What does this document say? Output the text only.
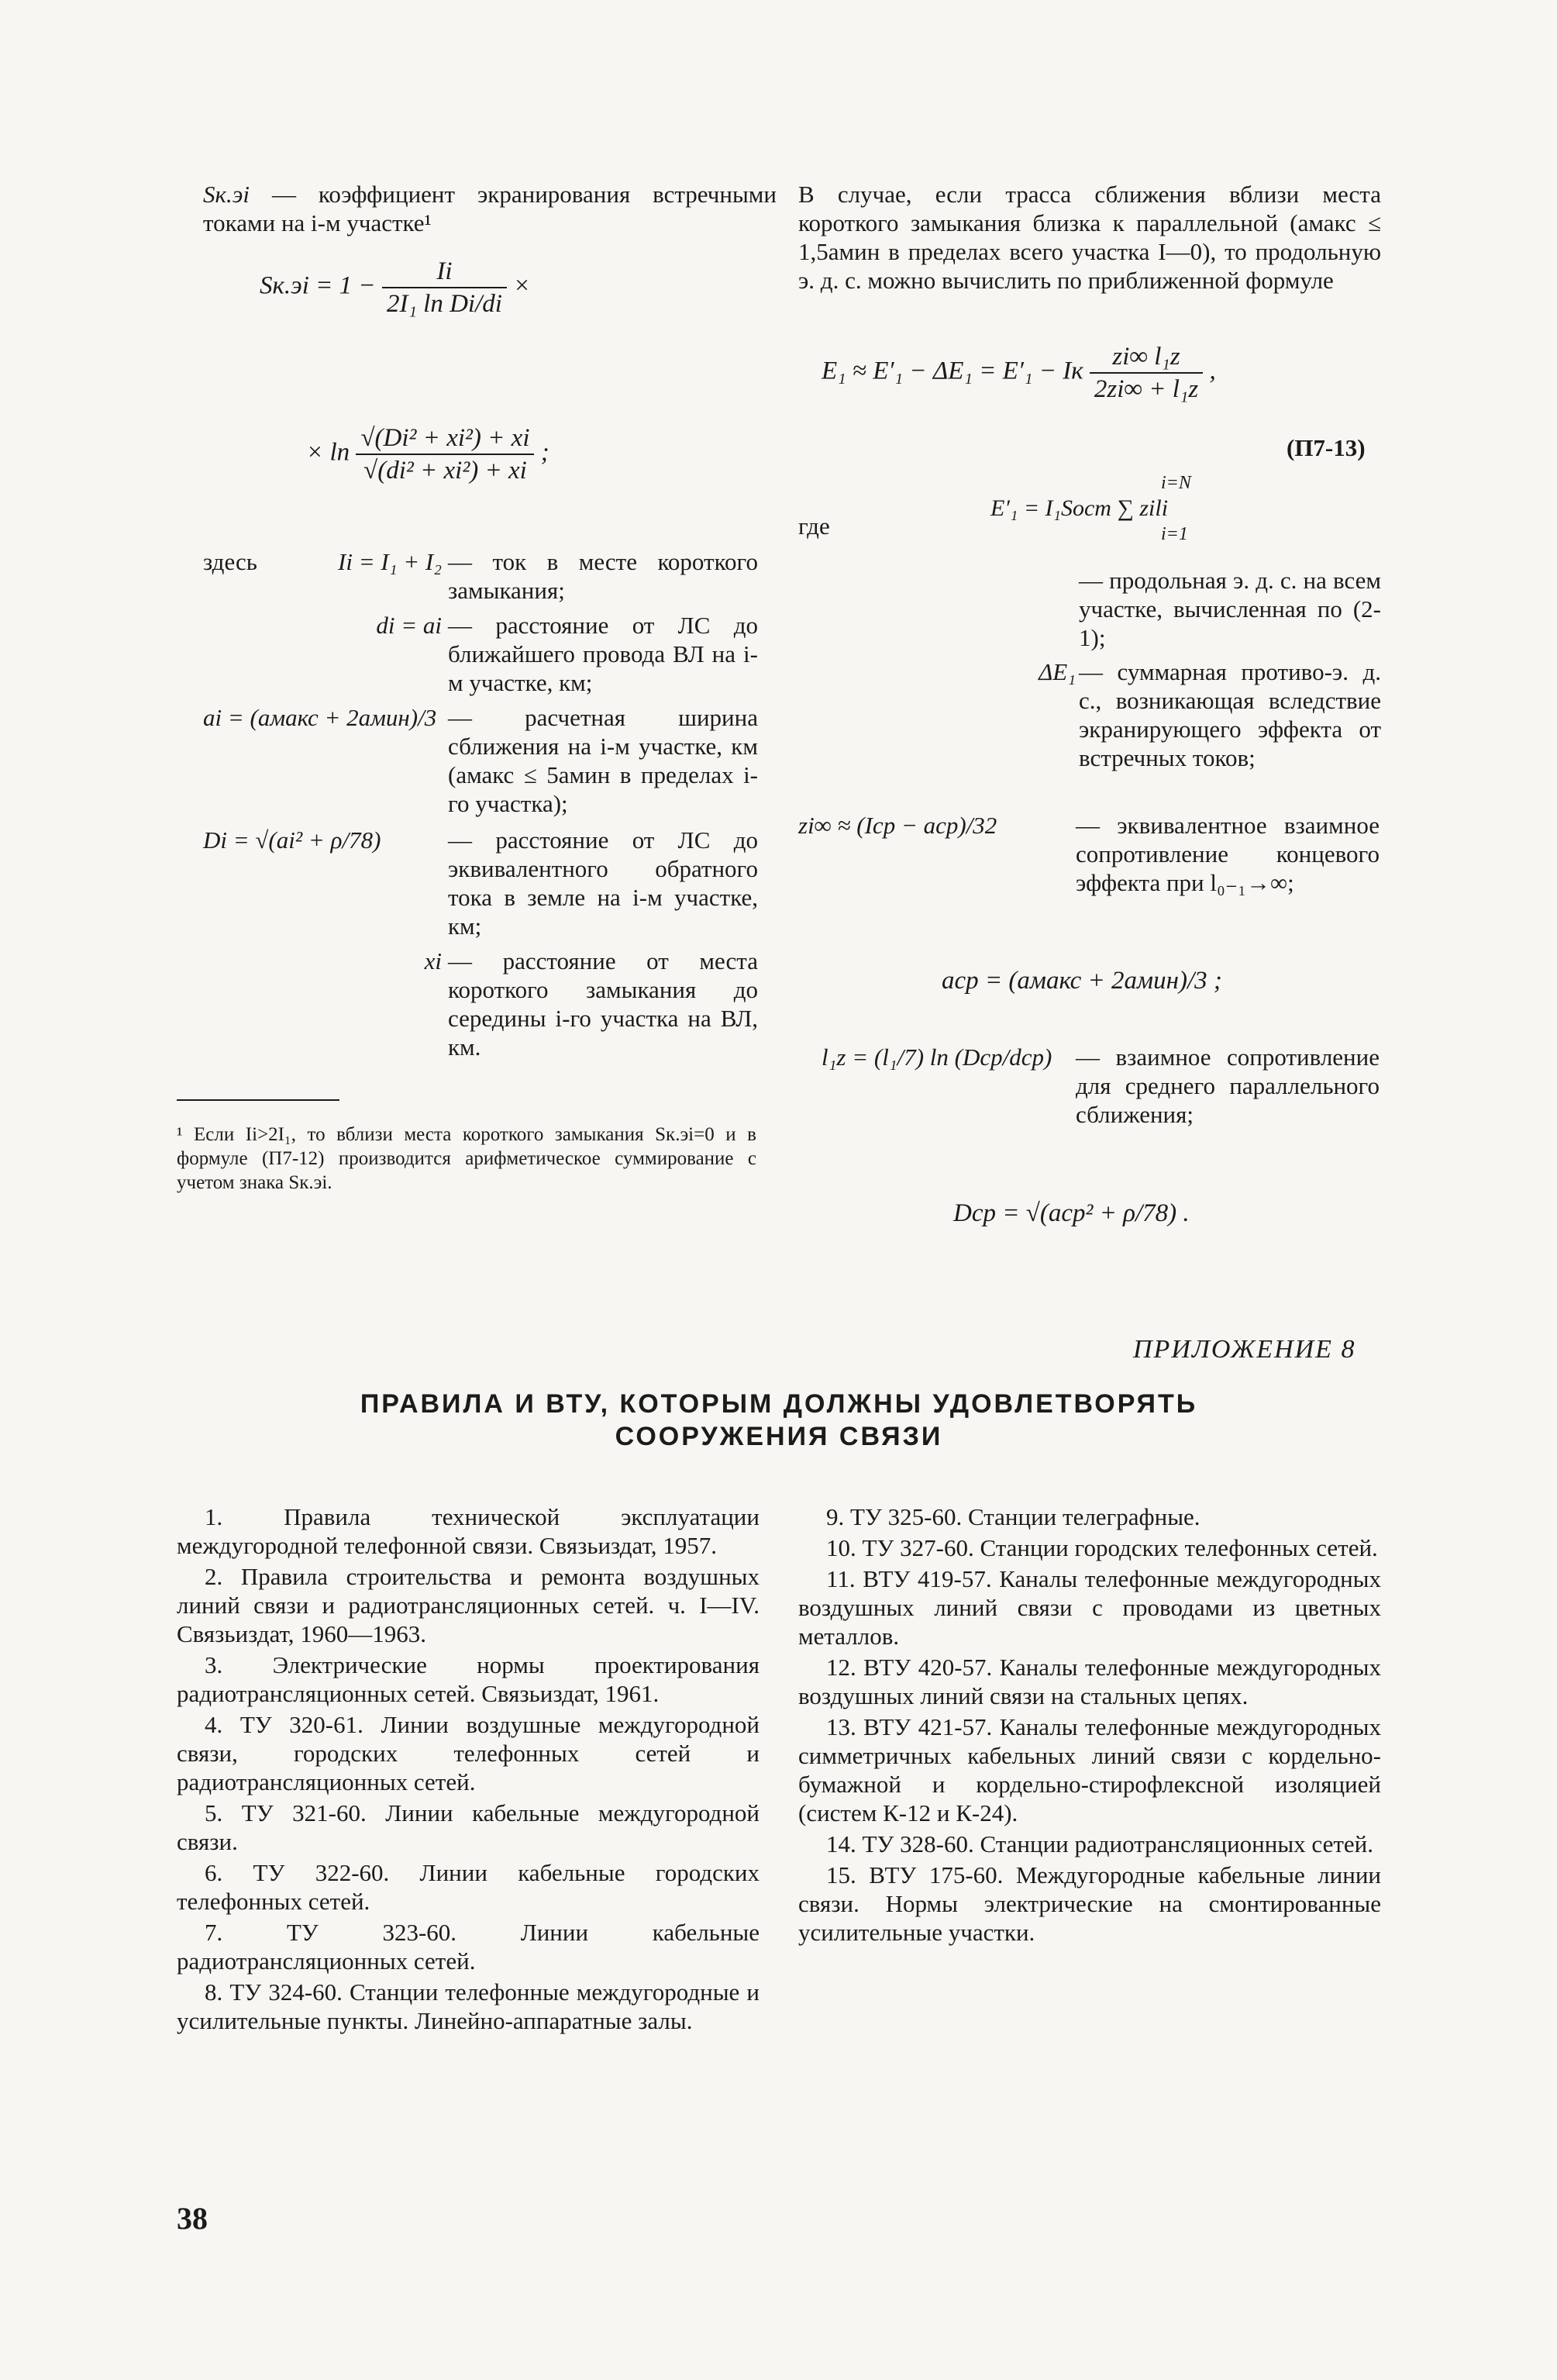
Sк.эi — коэффициент экранирования встречными токами на i-м участке¹
$Sк.эi = 1 - \frac{Ii}{\text{2I₁ ln Di/di}}$ ×
× $\ln \frac{\text{√(Di² + xi²) + xi}}{\text{√(di² + xi²) + xi}}$ ;
здесь	Ii = I₁ + I₂ — ток в месте короткого замыкания;
di = ai — расстояние от ЛС до ближайшего провода ВЛ на i-м участке, км;
ai = (aмакс + 2aмин)/3 — расчетная ширина сближения на i-м участке, км (aмакс ≤ 5aмин в пределах i-го участка);
Di = √(ai² + ρ/78)	— расстояние от ЛС до эквивалентного обратного тока в земле на i-м участке, км;
xi — расстояние от места короткого замыкания до середины i-го участка на ВЛ, км.
¹ Если Ii>2I₁, то вблизи места короткого замыкания Sк.эi=0 и в формуле (П7-12) производится арифметическое суммирование с учетом знака Sк.эi.
В случае, если трасса сближения вблизи места короткого замыкания близка к параллельной (aмакс ≤ 1,5aмин в пределах всего участка I—0), то продольную э. д. с. можно вычислить по приближенной формуле
E₁ ≈ E′₁ − ΔE₁ = E′₁ − Iк $\frac{\text{zi∞ l₁z}}{\text{2zi∞ + l₁z}}$ ,
(П7-13)
где
i=N
E′₁ = I₁Sост ∑ zili
i=1
— продольная э. д. с. на всем участке, вычисленная по (2-1);
ΔE₁ — суммарная противо-э. д. с., возникающая вследствие экранирующего эффекта от встречных токов;
zi∞ ≈ (Iср − aср)/32	— эквивалентное взаимное сопротивление концевого эффекта при l₀₋₁→∞;
aср = (aмакс + 2aмин)/3 ;
l₁z = (l₁/7) ln (Dср/dср) — взаимное сопротивление для среднего параллельного сближения;
Dср = √(aср² + ρ/78) .
ПРИЛОЖЕНИЕ 8
ПРАВИЛА И ВТУ, КОТОРЫМ ДОЛЖНЫ УДОВЛЕТВОРЯТЬ
СООРУЖЕНИЯ СВЯЗИ

1. Правила технической эксплуатации междугородной телефонной связи. Связьиздат, 1957.

2. Правила строительства и ремонта воздушных линий связи и радиотрансляционных сетей. ч. I—IV. Связьиздат, 1960—1963.

3. Электрические нормы проектирования радиотрансляционных сетей. Связьиздат, 1961.

4. ТУ 320-61. Линии воздушные междугородной связи, городских телефонных сетей и радиотрансляционных сетей.

5. ТУ 321-60. Линии кабельные междугородной связи.

6. ТУ 322-60. Линии кабельные городских телефонных сетей.

7. ТУ 323-60. Линии кабельные радиотрансляционных сетей.

8. ТУ 324-60. Станции телефонные междугородные и усилительные пункты. Линейно-аппаратные залы.

9. ТУ 325-60. Станции телеграфные.

10. ТУ 327-60. Станции городских телефонных сетей.

11. ВТУ 419-57. Каналы телефонные междугородных воздушных линий связи с проводами из цветных металлов.

12. ВТУ 420-57. Каналы телефонные междугородных воздушных линий связи на стальных цепях.

13. ВТУ 421-57. Каналы телефонные междугородных симметричных кабельных линий связи с кордельно-бумажной и кордельно-стирофлексной изоляцией (систем К-12 и К-24).

14. ТУ 328-60. Станции радиотрансляционных сетей.

15. ВТУ 175-60. Междугородные кабельные линии связи. Нормы электрические на смонтированные усилительные участки.

38
